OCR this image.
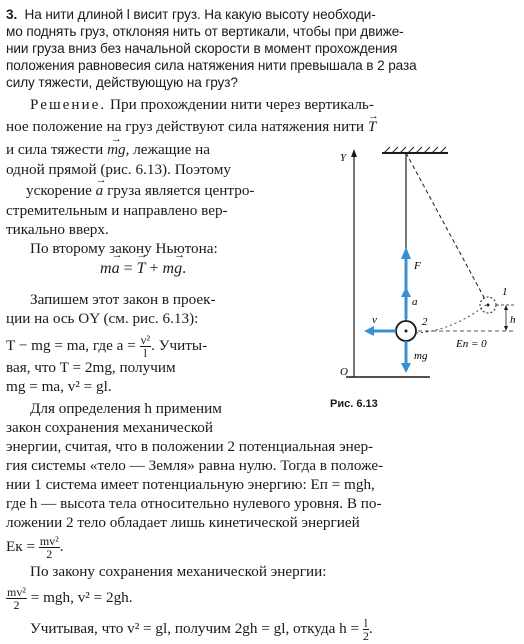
3. На нити длиной l висит груз. На какую высоту необходи-
мо поднять груз, отклоняя нить от вертикали, чтобы при движе-
нии груза вниз без начальной скорости в момент прохождения
положения равновесия сила натяжения нити превышала в 2 раза
силу тяжести, действующую на груз?
Решение. При прохождении нити через вертикаль-
ное положение на груз действуют сила натяжения нити → T
и сила тяжести → mg, лежащие на
одной прямой (рис. 6.13). Поэтому
ускорение → a груза является центро-
стремительным и направлено вер-
тикально вверх.
По второму закону Ньютона:
m→ a = → T + m→ g.
Запишем этот закон в проек-
ции на ось OY (см. рис. 6.13):
T − mg = ma, где $a = \frac{\text{v²}}{l}$ . Учиты-
вая, что T = 2mg, получим
mg = ma, v² = gl.
Для определения h применим
закон сохранения механической
энергии, считая, что в положении 2 потенциальная энер-
гия системы «тело — Земля» равна нулю. Тогда в положе-
нии 1 система имеет потенциальную энергию: Eп = mgh,
где h — высота тела относительно нулевого уровня. В по-
ложении 2 тело обладает лишь кинетической энергией
Eк = $\frac{\text{mv²}}{2}$ .
По закону сохранения механической энергии:
$\frac{\text{mv²}}{2}$ = mgh, v² = 2gh.
Учитывая, что v² = gl, получим 2gh = gl, откуда $h = \frac{l}{2}$ .
Y
O
F
a
v
mg
1
2	h
Eп = 0
Рис. 6.13
